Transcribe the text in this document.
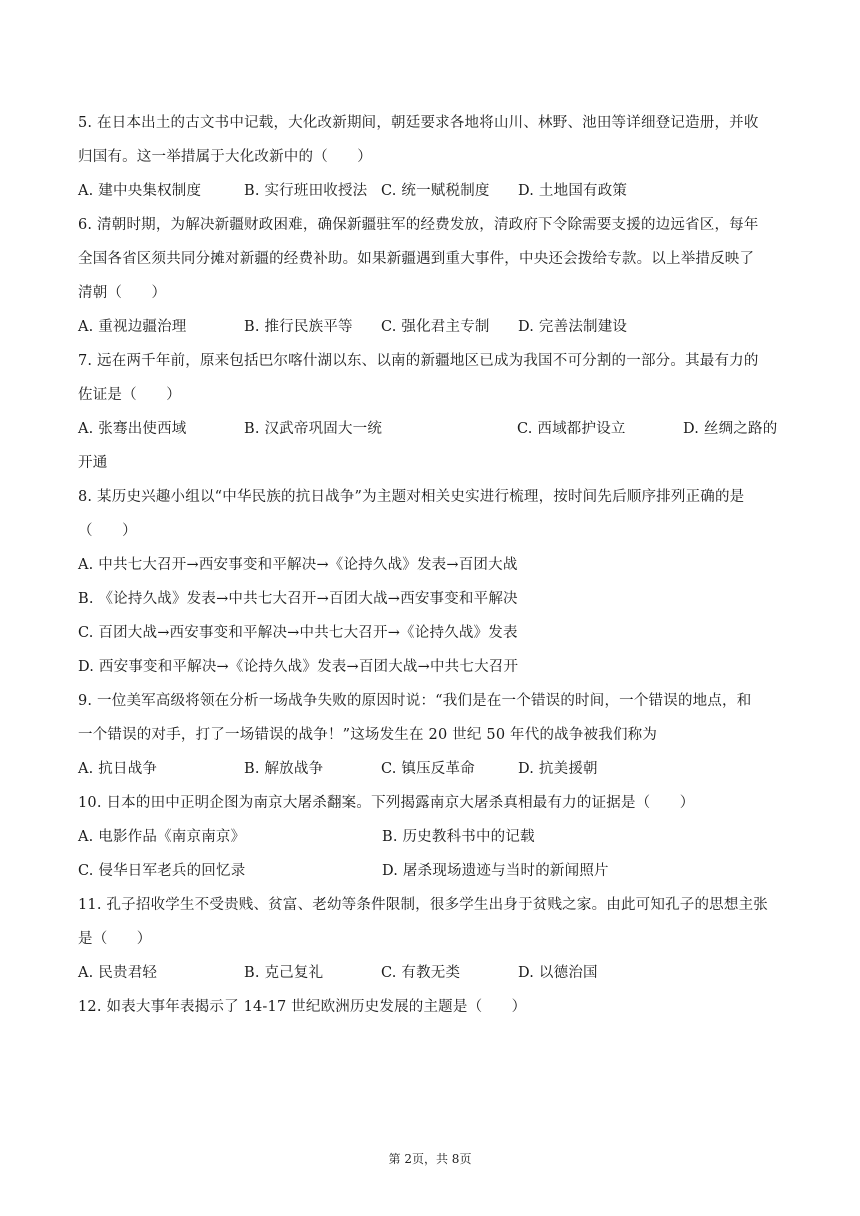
5. 在日本出土的古文书中记载，大化改新期间，朝廷要求各地将山川、林野、池田等详细登记造册，并收
归国有。这一举措属于大化改新中的（　　）
A. 建中央集权制度	B. 实行班田收授法 C. 统一赋税制度	D. 土地国有政策
6. 清朝时期，为解决新疆财政困难，确保新疆驻军的经费发放，清政府下令除需要支援的边远省区，每年
全国各省区须共同分摊对新疆的经费补助。如果新疆遇到重大事件，中央还会拨给专款。以上举措反映了
清朝（　　）
A. 重视边疆治理	B. 推行民族平等	C. 强化君主专制	D. 完善法制建设
7. 远在两千年前，原来包括巴尔喀什湖以东、以南的新疆地区已成为我国不可分割的一部分。其最有力的
佐证是（　　）
A. 张骞出使西域	B. 汉武帝巩固大一统	C. 西域都护设立	D. 丝绸之路的
开通
8. 某历史兴趣小组以“中华民族的抗日战争”为主题对相关史实进行梳理，按时间先后顺序排列正确的是
（　　）
A. 中共七大召开→西安事变和平解决→《论持久战》发表→百团大战
B. 《论持久战》发表→中共七大召开→百团大战→西安事变和平解决
C. 百团大战→西安事变和平解决→中共七大召开→《论持久战》发表
D. 西安事变和平解决→《论持久战》发表→百团大战→中共七大召开
9. 一位美军高级将领在分析一场战争失败的原因时说：“我们是在一个错误的时间，一个错误的地点，和
一个错误的对手，打了一场错误的战争！”这场发生在 20 世纪 50 年代的战争被我们称为
A. 抗日战争	B. 解放战争	C. 镇压反革命	D. 抗美援朝
10. 日本的田中正明企图为南京大屠杀翻案。下列揭露南京大屠杀真相最有力的证据是（　　）
A. 电影作品《南京南京》	B. 历史教科书中的记载
C. 侵华日军老兵的回忆录	D. 屠杀现场遗迹与当时的新闻照片
11. 孔子招收学生不受贵贱、贫富、老幼等条件限制，很多学生出身于贫贱之家。由此可知孔子的思想主张
是（　　）
A. 民贵君轻	B. 克己复礼	C. 有教无类	D. 以德治国
12. 如表大事年表揭示了 14-17 世纪欧洲历史发展的主题是（　　）
第 2页，共 8页
